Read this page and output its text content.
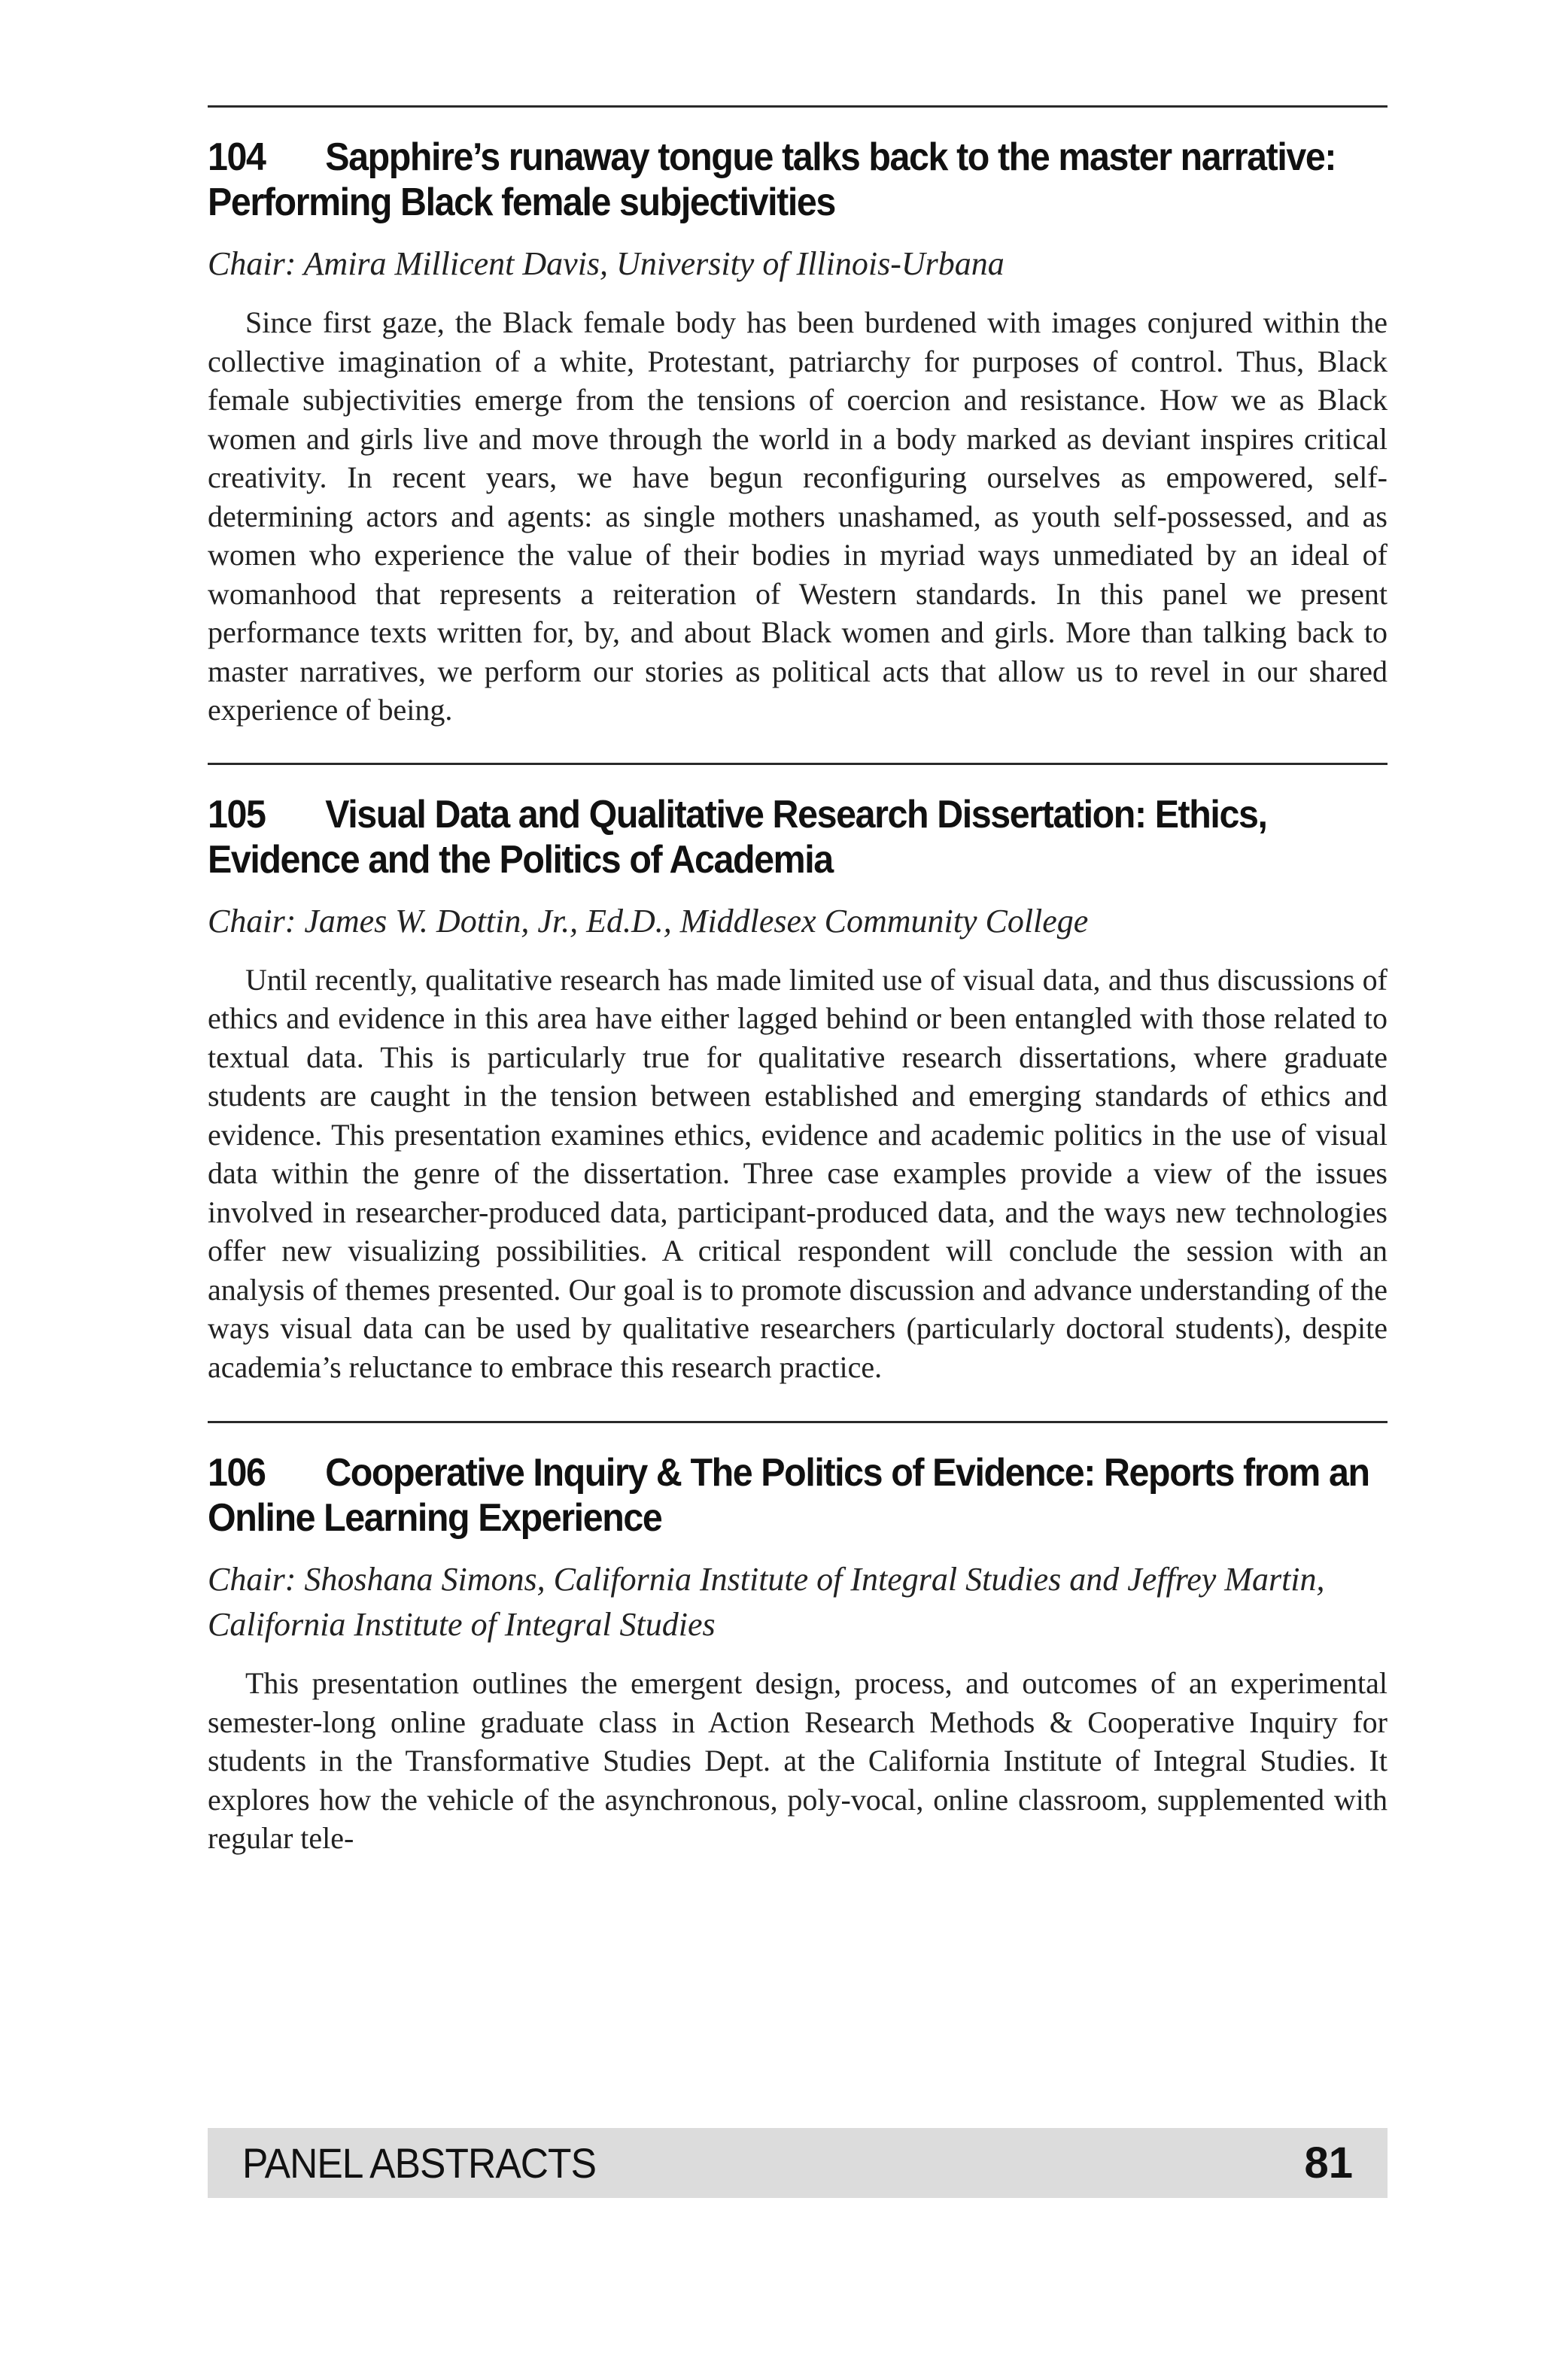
104 Sapphire’s runaway tongue talks back to the master narrative: Performing Black female subjectivities
Chair: Amira Millicent Davis, University of Illinois-Urbana
Since first gaze, the Black female body has been burdened with images conjured within the collective imagination of a white, Protestant, patriarchy for purposes of control. Thus, Black female subjectivities emerge from the tensions of coercion and resistance. How we as Black women and girls live and move through the world in a body marked as deviant inspires critical creativity. In recent years, we have begun reconfiguring ourselves as empowered, self-determining actors and agents: as single mothers unashamed, as youth self-possessed, and as women who experience the value of their bodies in myriad ways unmediated by an ideal of womanhood that represents a reiteration of Western standards. In this panel we present performance texts written for, by, and about Black women and girls. More than talking back to master narratives, we perform our stories as political acts that allow us to revel in our shared experience of being.
105 Visual Data and Qualitative Research Dissertation: Ethics, Evidence and the Politics of Academia
Chair: James W. Dottin, Jr., Ed.D., Middlesex Community College
Until recently, qualitative research has made limited use of visual data, and thus discussions of ethics and evidence in this area have either lagged behind or been entangled with those related to textual data. This is particularly true for qualitative research dissertations, where graduate students are caught in the tension between established and emerging standards of ethics and evidence. This presentation examines ethics, evidence and academic politics in the use of visual data within the genre of the dissertation. Three case examples provide a view of the issues involved in researcher-produced data, participant-produced data, and the ways new technologies offer new visualizing possibilities. A critical respondent will conclude the session with an analysis of themes presented. Our goal is to promote discussion and advance understanding of the ways visual data can be used by qualitative researchers (particularly doctoral students), despite academia’s reluctance to embrace this research practice.
106 Cooperative Inquiry & The Politics of Evidence: Reports from an Online Learning Experience
Chair: Shoshana Simons, California Institute of Integral Studies and Jeffrey Martin, California Institute of Integral Studies
This presentation outlines the emergent design, process, and outcomes of an experimental semester-long online graduate class in Action Research Methods & Cooperative Inquiry for students in the Transformative Studies Dept. at the California Institute of Integral Studies. It explores how the vehicle of the asynchronous, poly-vocal, online classroom, supplemented with regular tele-
PANEL ABSTRACTS	81
